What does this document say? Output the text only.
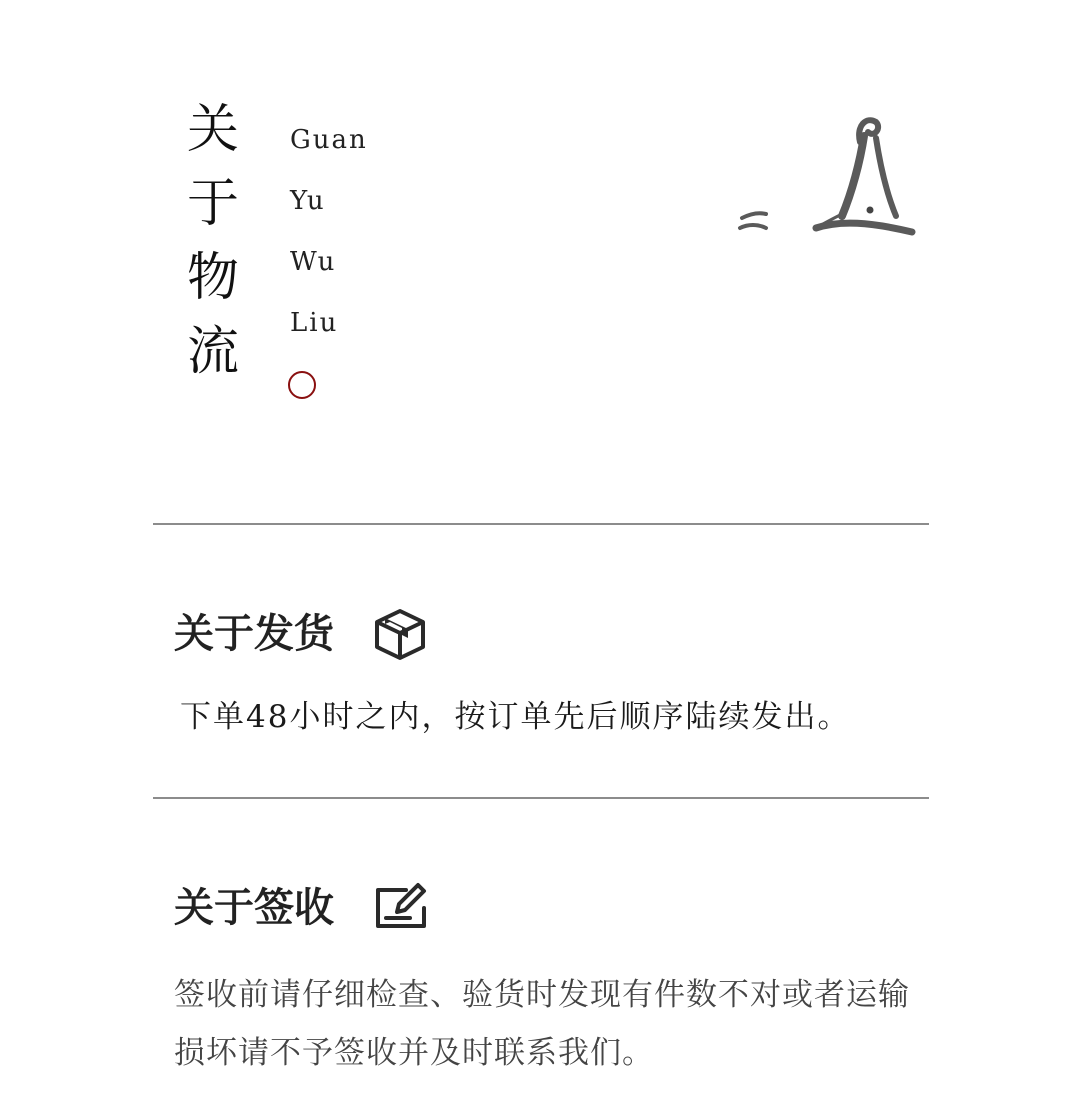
关
于
物
流
Guan
Yu
Wu
Liu
关于发货
下单48小时之内，按订单先后顺序陆续发出。
关于签收
签收前请仔细检查、验货时发现有件数不对或者运输损坏请不予签收并及时联系我们。
